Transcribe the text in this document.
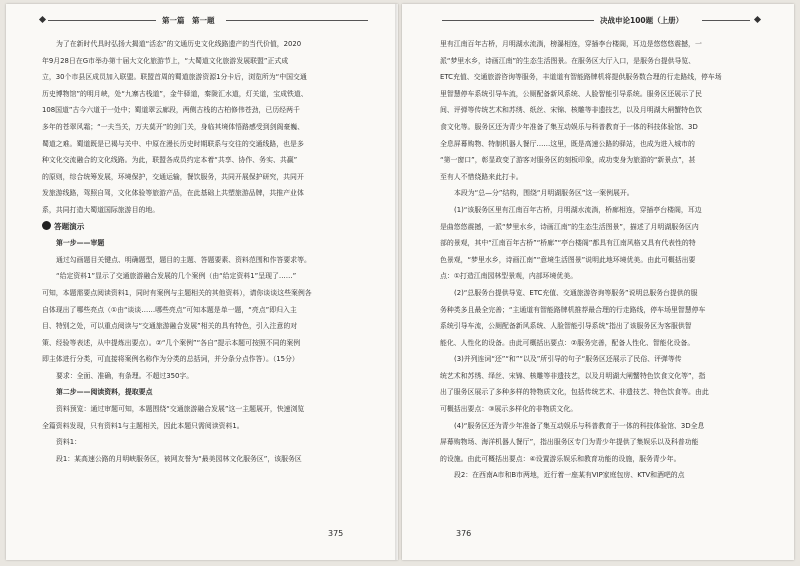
第一篇　第一题
为了在新时代具时弘扬大揭道“活态”的文通历史文化线路遗产的当代价值，2020
年9月28日在G市举办第十届大文化旅游节上，“大蜀道文化旅游发展联盟”正式成
立，30个市县区成员加入联盟。联盟首周的蜀道旅游资源1分卡后，浏览所为“中国交通
历史博物馆”的明月峡，处“九寨古栈道”，金牛驿道，秦陇汇水道，灯关道，宝成铁道、
108国道”古今六道于一处中；蜀道翠云廊段，两侧古栈的古柏修伟苍劲，已历经两千
多年的苍翠风霜；“一夫当关，万夫莫开”的剑门关，身临其境体悟路感受到剑阁豪巍、
蜀道之难。蜀道既是已褐与关中、中原在漫长历史时期联系与交往的交通线路，也是多
种文化交流融合的文化线路。为此，联盟各成员约定本着“共享、协作、务实、共赢”
的原则，综合统筹发展，环境保护，交通运输，餐饮服务，共同开展保护研究，共同开
发旅游线路，驾照自驾，文化体验等旅游产品，在此基础上共塑旅游品牌，共推产业体
系，共同打造大蜀道国际旅游目的地。
答题演示
第一步——审题
通过勾画题目关键点、明确题型，题目的主题、答题要素、资料范围和作答要求等。
“给定资料1”显示了交通旅游融合发展的几个案例（由“给定资料1”呈现了……”
可知，本题需要点阅读资料1，同时有案例与主题相关的其他资料），请你谈谈这些案例各
自体现出了哪些亮点（①由“谈谈……哪些亮点”可知本题是单一题，“亮点”即归入主
目、特别之处，可以重点阅读与“交通旅游融合发展”相关的具有特色，引入注意的对
策、经验等表述，从中提炼出要点）。②“几个案例”“各自”提示本题可按照不同的案例
即主体进行分类，可直接将案例名称作为分类的总括词，并分条分点作答）。（15分）
要求：全面、准确，有条理。不超过350字。
第二步——阅读资料，提取要点
资料预览：通过审题可知，本题围绕“交通旅游融合发展”这一主题展开，快速浏览
全篇资料发现，只有资料1与主题相关，因此本题只需阅读资料1。
资料1：
段1：某高速公路的月明峡服务区，被网友誉为“最美园林文化服务区”，该服务区
375
决战申论100题（上册）
里有江南百年古桥，月明湖水流淌，榜瀑相连，穿插李台楼阁，耳边是悠悠悠震撼，一
派“梦里水乡，诗画江南”的生态生活图景。在服务区大厅入口，是服务台提供导览、
ETC充值、交通旅游咨询等服务，丰道道有智能路牌机将提供服务数合理的行走路线，停车场
里智慧停车系统引导车流，公厕配备新风系统、人脸智能引导系统。服务区还展示了民
间、评弹等传统艺术和苏绣、纸丝、宋锦、核雕等非遗技艺，以及月明湖大闸蟹特色饮
食文化等。服务区还为青少年准备了集互动娱乐与科普教育于一体的科技体验馆、3D
全息屏幕购物、特制机器人餐厅……这里，既是高速公路的驿站，也成为进入城市的
“第一窗口”，彰显政变了游客对服务区的刻板印象，成功变身为旅游的“新景点”，甚
至有人不惜绕路来此打卡。
本段为“总—分”结构，围绕“月明湖服务区”这一案例展开。
(1)“该服务区里有江南百年古桥，月明湖水流淌，桥廊相连，穿插亭台楼阁，耳边
是曲悠悠震撼，一派“梦里水乡，诗画江南”的生态生活图景”，描述了月明湖服务区内
部的景观，其中“江南百年古桥”“桥廊”“亭台楼阁”都具有江南风格又具有代表性的特
色景观，“梦里水乡，诗画江南”“意境生活图景”说明此地环境优美。由此可概括出要
点：①打造江南园林型景观，内部环境优美。
(2)“总服务台提供导览、ETC充值、交通旅游咨询等服务”说明总服务台提供的服
务种类多且最全完善；“主通道有智能路牌机推荐最合理的行走路线，停车场里智慧停车
系统引导车流，公厕配备新风系统、人脸智能引导系统”指出了该服务区为客服供智
能化、人性化的设备。由此可概括出要点：②服务完善，配备人性化、智能化设备。
(3)并列连词“还”“和”“以及”所引导的句子“服务区还展示了民俗、评弹等传
统艺术和苏绣、绎丝、宋锦、核雕等非遗技艺，以及月明湖大闸蟹特色饮食文化等”，指
出了服务区展示了多种多样的特物质文化，包括传统艺术、非遗技艺、特色饮食等。由此
可概括出要点：③展示多样化的非物质文化。
(4)“服务区还为青少年准备了集互动娱乐与科普教育于一体的科技体验馆、3D全息
屏幕购物场、海洋机器人餐厅”，指出服务区专门为青少年提供了集娱乐以及科普功能
的设施。由此可概括出要点：④设置游乐娱乐和教育功能的设施，服务青少年。
段2：在西南A市和B市两地，近行着一座某有VIP家庭包房、KTV和酒吧的点
376
